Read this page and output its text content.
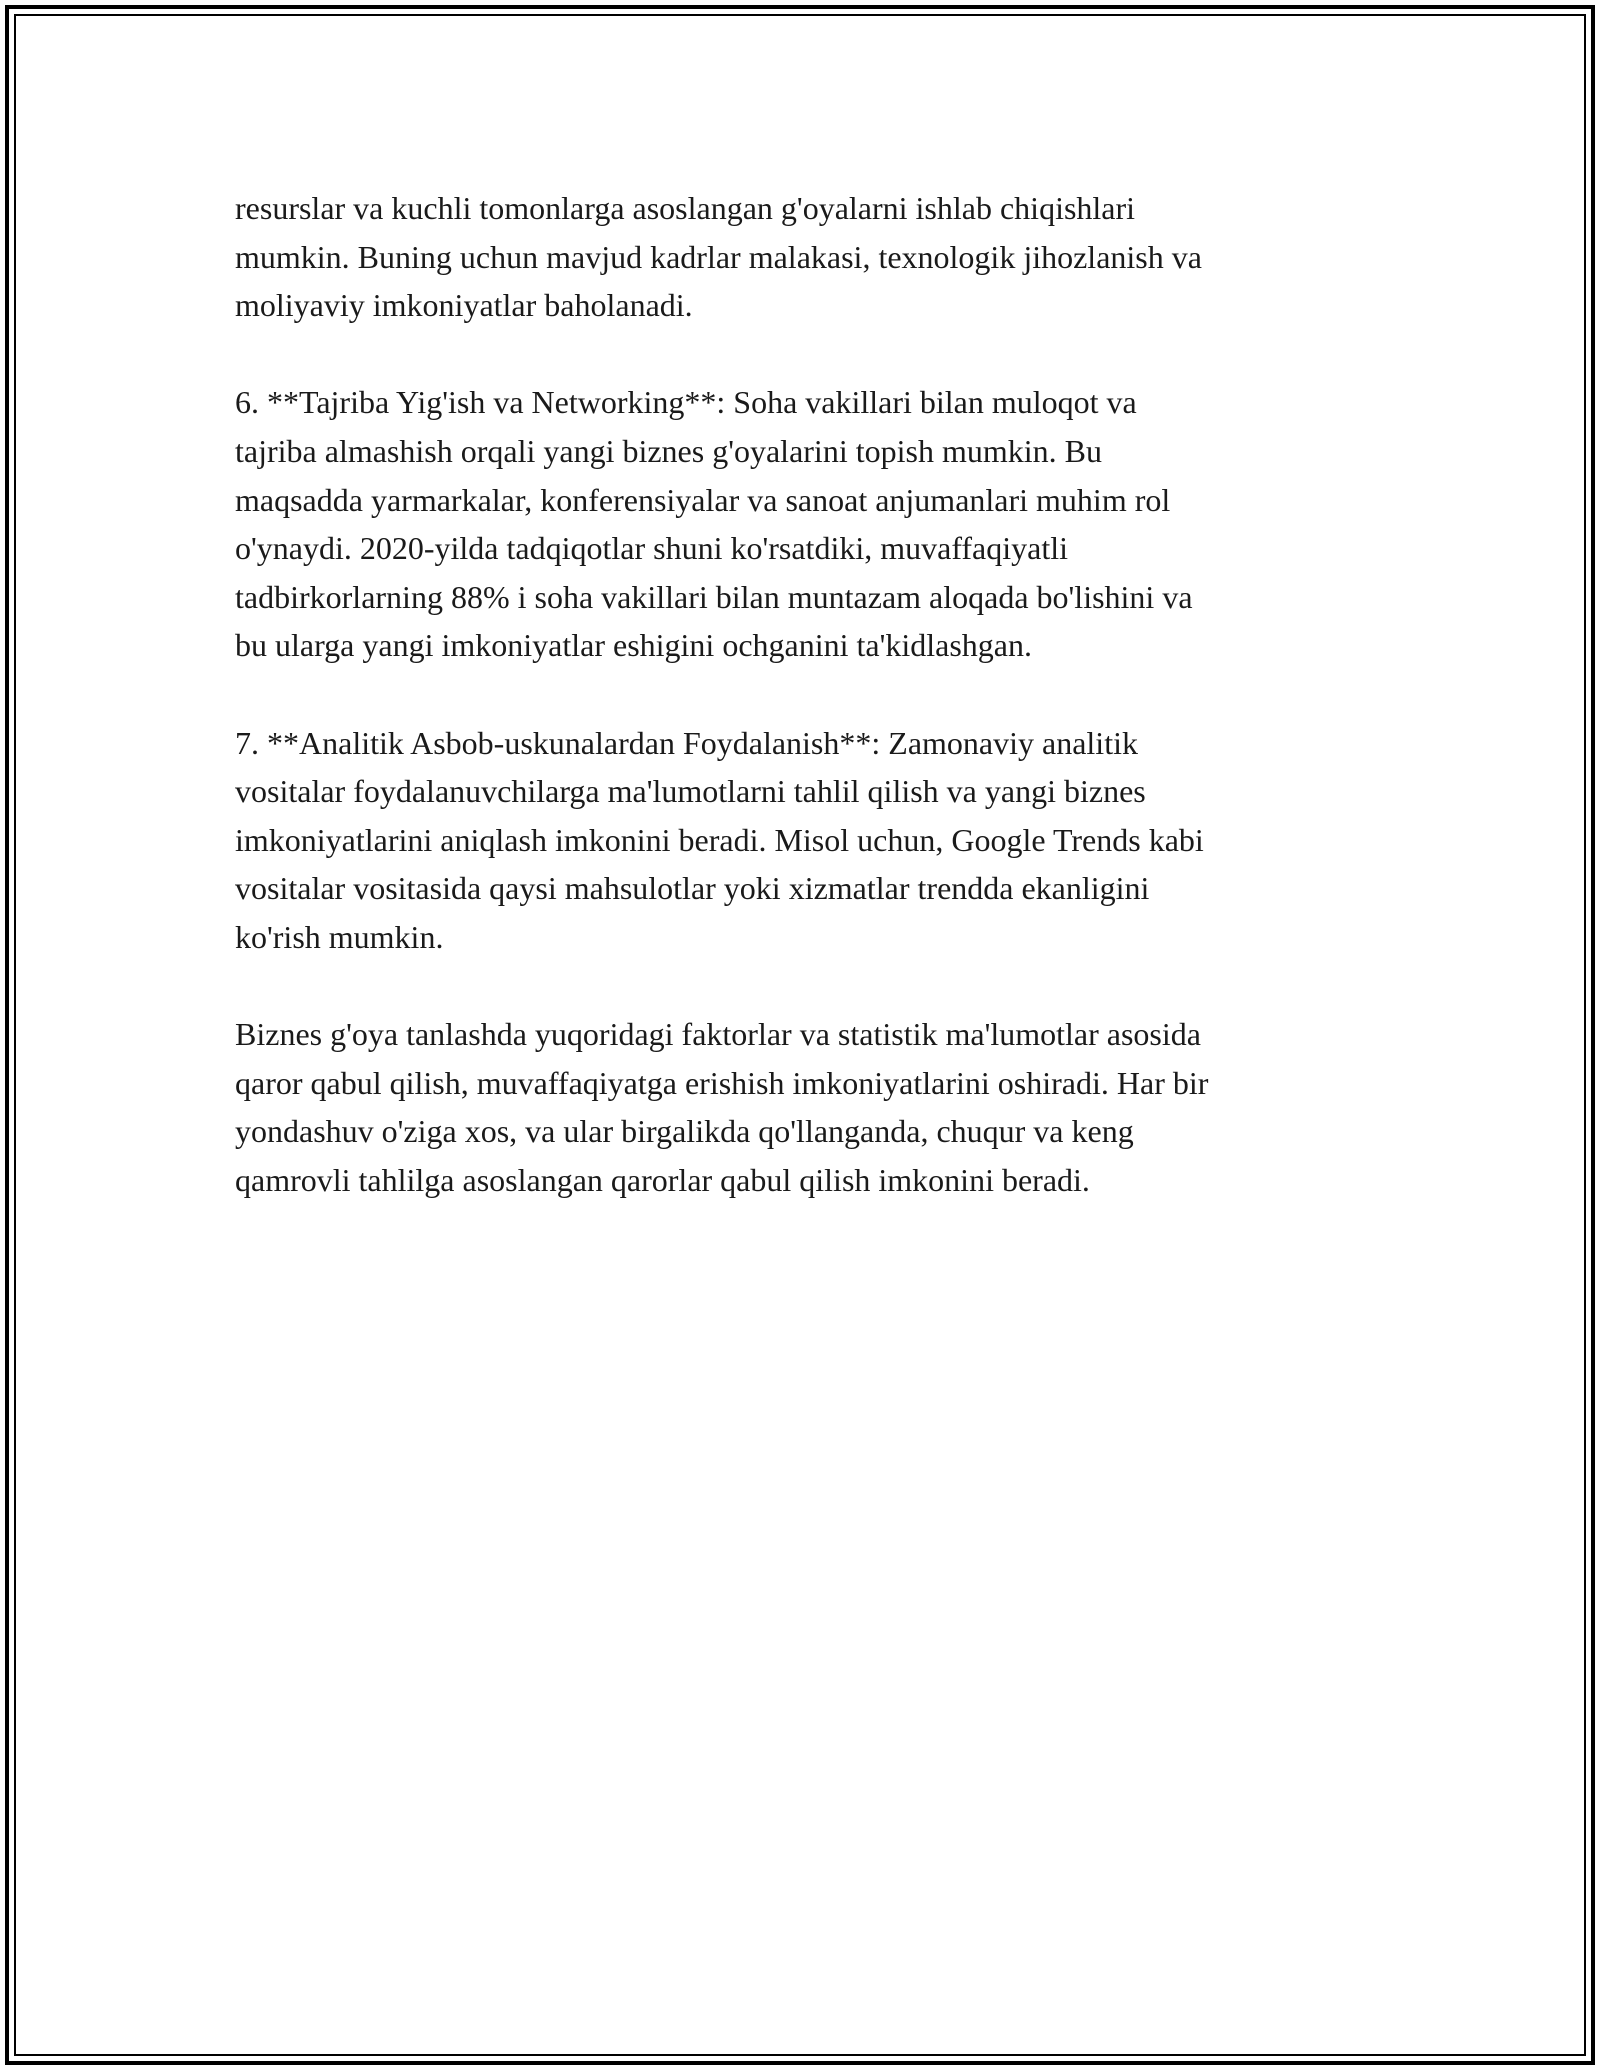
resurslar va kuchli tomonlarga asoslangan g'oyalarni ishlab chiqishlari
mumkin. Buning uchun mavjud kadrlar malakasi, texnologik jihozlanish va
moliyaviy imkoniyatlar baholanadi.

6. **Tajriba Yig'ish va Networking**: Soha vakillari bilan muloqot va
tajriba almashish orqali yangi biznes g'oyalarini topish mumkin. Bu
maqsadda yarmarkalar, konferensiyalar va sanoat anjumanlari muhim rol
o'ynaydi. 2020-yilda tadqiqotlar shuni ko'rsatdiki, muvaffaqiyatli
tadbirkorlarning 88% i soha vakillari bilan muntazam aloqada bo'lishini va
bu ularga yangi imkoniyatlar eshigini ochganini ta'kidlashgan.

7. **Analitik Asbob-uskunalardan Foydalanish**: Zamonaviy analitik
vositalar foydalanuvchilarga ma'lumotlarni tahlil qilish va yangi biznes
imkoniyatlarini aniqlash imkonini beradi. Misol uchun, Google Trends kabi
vositalar vositasida qaysi mahsulotlar yoki xizmatlar trendda ekanligini
ko'rish mumkin.

Biznes g'oya tanlashda yuqoridagi faktorlar va statistik ma'lumotlar asosida
qaror qabul qilish, muvaffaqiyatga erishish imkoniyatlarini oshiradi. Har bir
yondashuv o'ziga xos, va ular birgalikda qo'llanganda, chuqur va keng
qamrovli tahlilga asoslangan qarorlar qabul qilish imkonini beradi.
